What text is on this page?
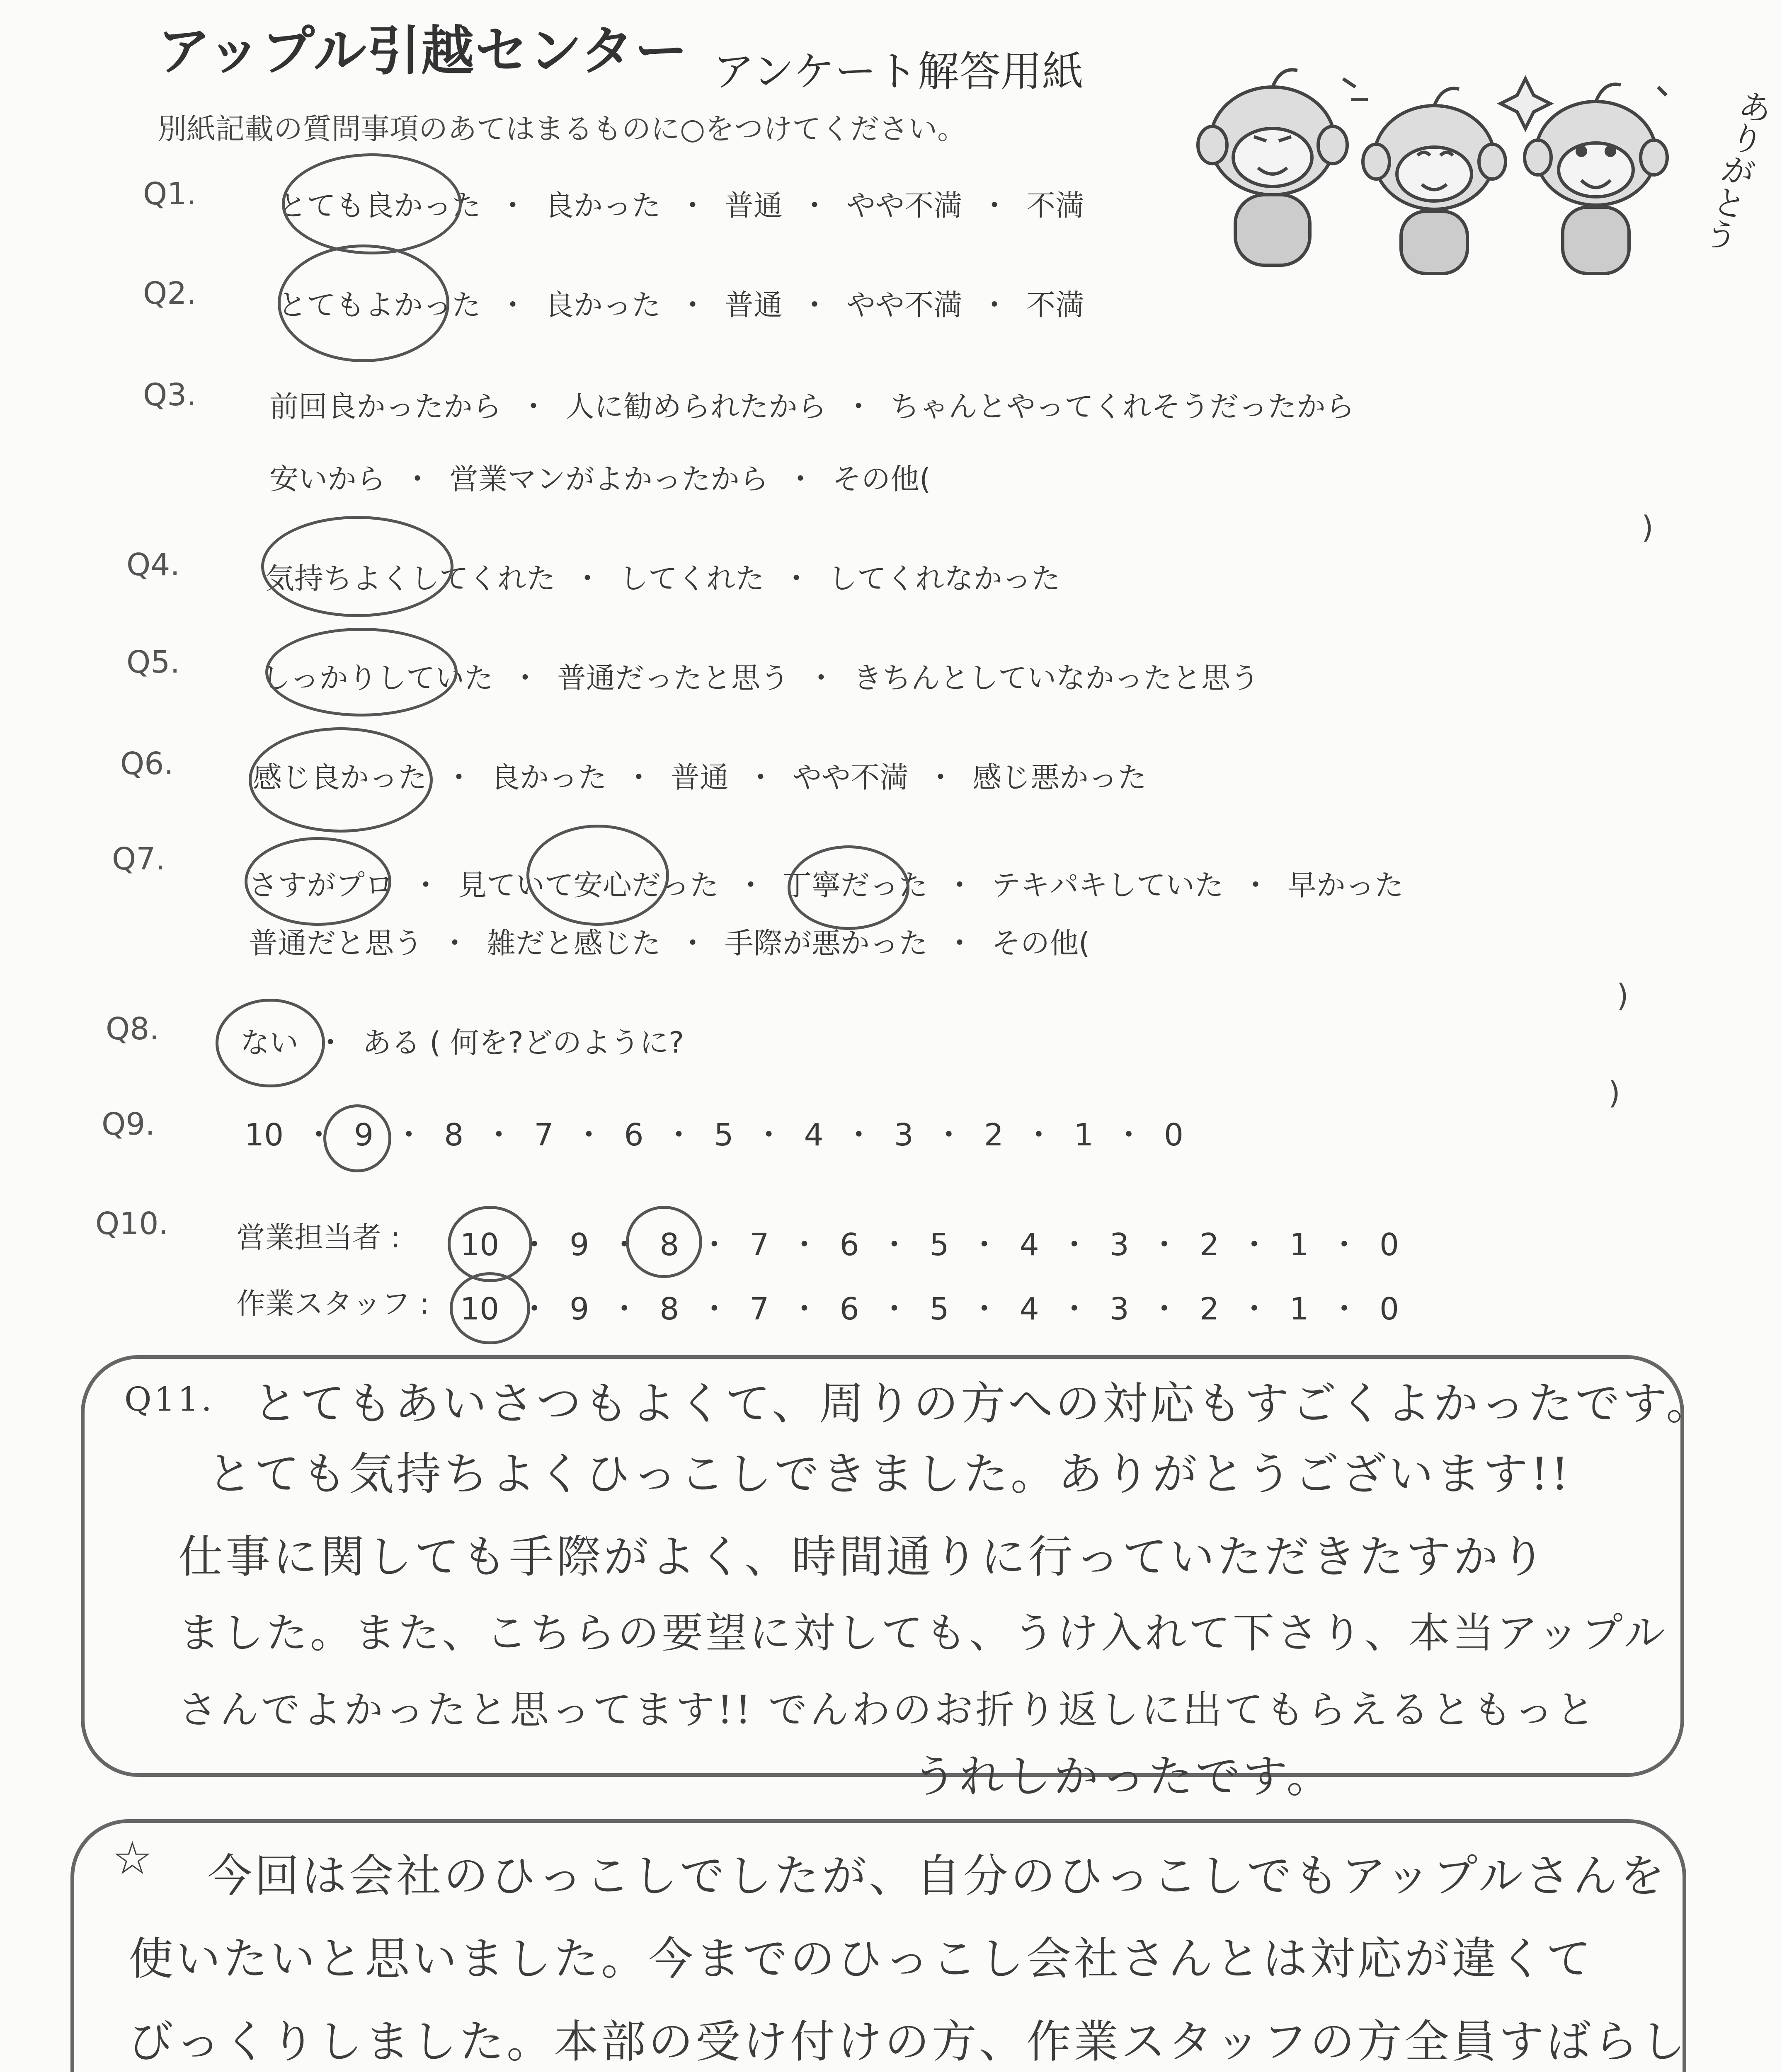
アップル引越センター アンケート解答用紙
別紙記載の質問事項のあてはまるものに○をつけてください。	ありがとう
Q1.	とても良かった ・ 良かった ・ 普通 ・ やや不満 ・ 不満
Q2.	とてもよかった ・ 良かった ・ 普通 ・ やや不満 ・ 不満
Q3.	前回良かったから ・ 人に勧められたから ・ ちゃんとやってくれそうだったから
安いから ・ 営業マンがよかったから ・ その他(
)
Q4.	気持ちよくしてくれた ・ してくれた ・ してくれなかった
Q5.	しっかりしていた ・ 普通だったと思う ・ きちんとしていなかったと思う
Q6.	感じ良かった ・ 良かった ・ 普通 ・ やや不満 ・ 感じ悪かった
Q7.
さすがプロ ・ 見ていて安心だった ・ 丁寧だった ・ テキパキしていた ・ 早かった
普通だと思う ・ 雑だと感じた ・ 手際が悪かった ・ その他(
)
Q8.	ない ・ ある ( 何を?どのように?
)
Q9.	10 ・ 9 ・ 8 ・ 7 ・ 6 ・ 5 ・ 4 ・ 3 ・ 2 ・ 1 ・ 0
Q10. 営業担当者 : 10 ・ 9 ・ 8 ・ 7 ・ 6 ・ 5 ・ 4 ・ 3 ・ 2 ・ 1 ・ 0
作業スタッフ : 10 ・ 9 ・ 8 ・ 7 ・ 6 ・ 5 ・ 4 ・ 3 ・ 2 ・ 1 ・ 0
Q11. とてもあいさつもよくて、周りの方への対応もすごくよかったです。
とても気持ちよくひっこしできました。ありがとうございます!!
仕事に関しても手際がよく、時間通りに行っていただきたすかり
ました。また、こちらの要望に対しても、うけ入れて下さり、本当アップル
さんでよかったと思ってます!! でんわのお折り返しに出てもらえるともっと
うれしかったです。
☆ 今回は会社のひっこしでしたが、自分のひっこしでもアップルさんを
使いたいと思いました。今までのひっこし会社さんとは対応が違くて
びっくりしました。本部の受け付けの方、作業スタッフの方全員すばらし
